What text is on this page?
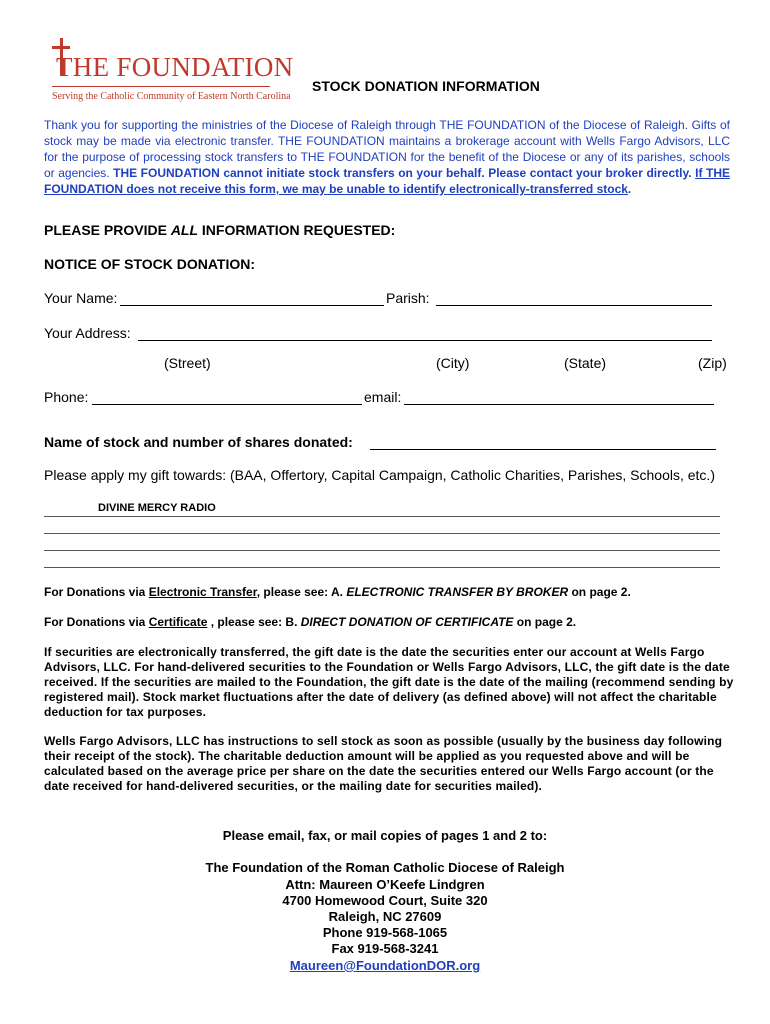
THE FOUNDATION
Serving the Catholic Community of Eastern North Carolina
STOCK DONATION INFORMATION
Thank you for supporting the ministries of the Diocese of Raleigh through THE FOUNDATION of the Diocese of Raleigh. Gifts of stock may be made via electronic transfer. THE FOUNDATION maintains a brokerage account with Wells Fargo Advisors, LLC for the purpose of processing stock transfers to THE FOUNDATION for the benefit of the Diocese or any of its parishes, schools or agencies. THE FOUNDATION cannot initiate stock transfers on your behalf. Please contact your broker directly. If THE FOUNDATION does not receive this form, we may be unable to identify electronically-transferred stock.
PLEASE PROVIDE ALL INFORMATION REQUESTED:
NOTICE OF STOCK DONATION:
Your Name:	Parish:
Your Address:
(Street)	(City)	(State)	(Zip)
Phone:	email:
Name of stock and number of shares donated:
Please apply my gift towards: (BAA, Offertory, Capital Campaign, Catholic Charities, Parishes, Schools, etc.)
DIVINE MERCY RADIO
For Donations via Electronic Transfer, please see: A. ELECTRONIC TRANSFER BY BROKER on page 2.
For Donations via Certificate , please see: B. DIRECT DONATION OF CERTIFICATE on page 2.
If securities are electronically transferred, the gift date is the date the securities enter our account at Wells Fargo Advisors, LLC. For hand-delivered securities to the Foundation or Wells Fargo Advisors, LLC, the gift date is the date received. If the securities are mailed to the Foundation, the gift date is the date of the mailing (recommend sending by registered mail). Stock market fluctuations after the date of delivery (as defined above) will not affect the charitable deduction for tax purposes.
Wells Fargo Advisors, LLC has instructions to sell stock as soon as possible (usually by the business day following their receipt of the stock). The charitable deduction amount will be applied as you requested above and will be calculated based on the average price per share on the date the securities entered our Wells Fargo account (or the date received for hand-delivered securities, or the mailing date for securities mailed).
Please email, fax, or mail copies of pages 1 and 2 to:
The Foundation of the Roman Catholic Diocese of Raleigh
Attn: Maureen O’Keefe Lindgren
4700 Homewood Court, Suite 320
Raleigh, NC 27609
Phone 919-568-1065
Fax 919-568-3241
Maureen@FoundationDOR.org
